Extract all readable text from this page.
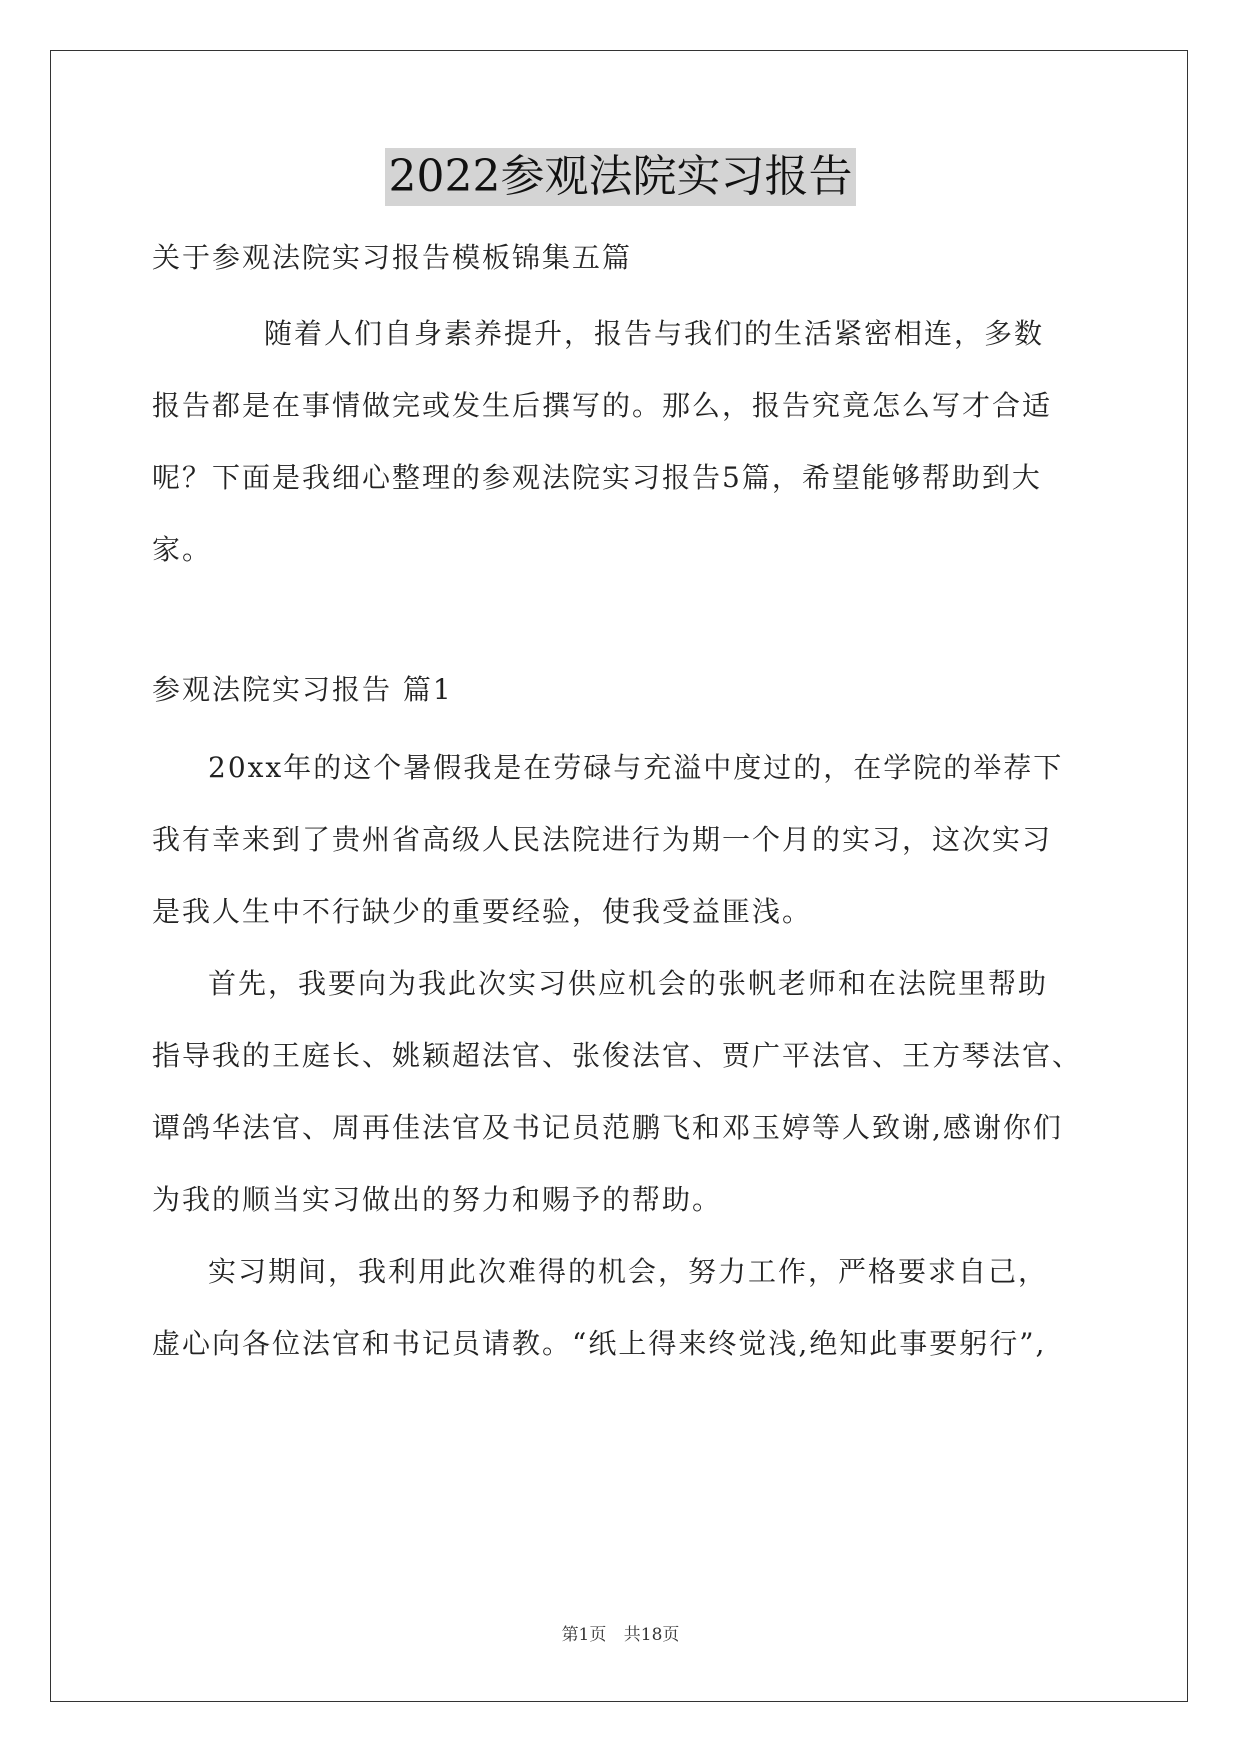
2022参观法院实习报告
关于参观法院实习报告模板锦集五篇
随着人们自身素养提升，报告与我们的生活紧密相连，多数
报告都是在事情做完或发生后撰写的。那么，报告究竟怎么写才合适
呢？下面是我细心整理的参观法院实习报告5篇，希望能够帮助到大
家。
参观法院实习报告 篇1
20xx年的这个暑假我是在劳碌与充溢中度过的，在学院的举荐下
我有幸来到了贵州省高级人民法院进行为期一个月的实习，这次实习
是我人生中不行缺少的重要经验，使我受益匪浅。
首先，我要向为我此次实习供应机会的张帆老师和在法院里帮助
指导我的王庭长、姚颖超法官、张俊法官、贾广平法官、王方琴法官、
谭鸽华法官、周再佳法官及书记员范鹏飞和邓玉婷等人致谢,感谢你们
为我的顺当实习做出的努力和赐予的帮助。
实习期间，我利用此次难得的机会，努力工作，严格要求自己，
虚心向各位法官和书记员请教。“纸上得来终觉浅,绝知此事要躬行”,
第1页 共18页
